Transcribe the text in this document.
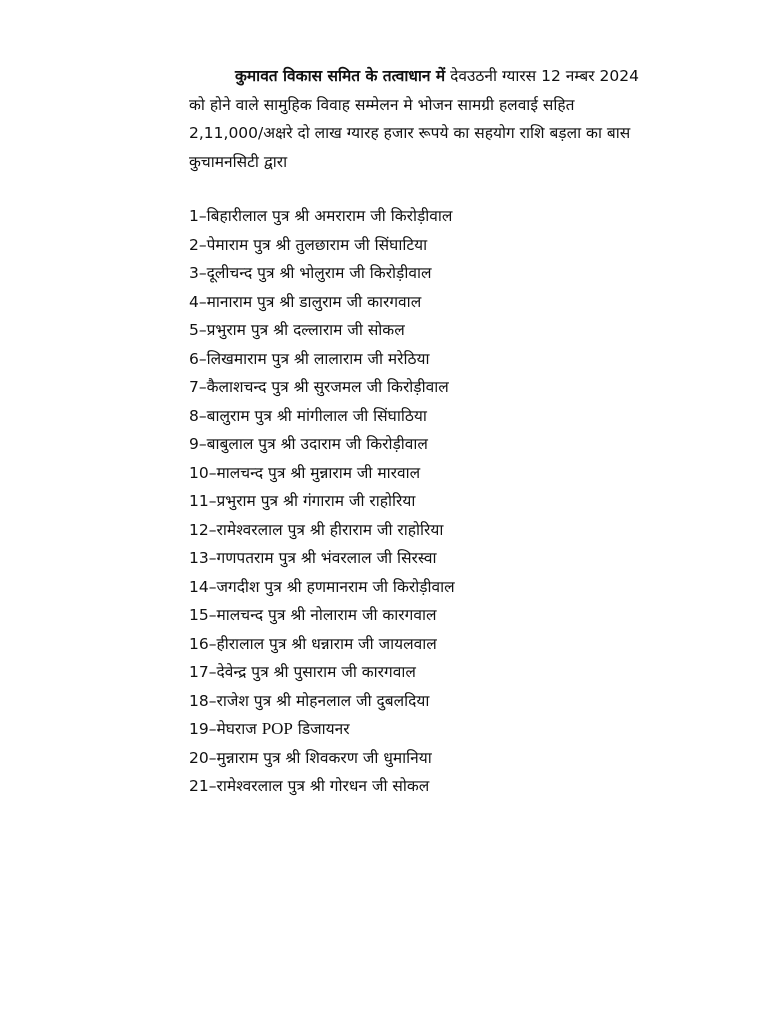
कुमावत विकास समित के तत्वाधान में देवउठनी ग्यारस 12 नम्बर 2024
को होने वाले सामुहिक विवाह सम्मेलन मे भोजन सामग्री हलवाई सहित
2,11,000/अक्षरे दो लाख ग्यारह हजार रूपये का सहयोग राशि बड़ला का बास
कुचामनसिटी द्वारा
1–बिहारीलाल पुत्र श्री अमराराम जी किरोड़ीवाल
2–पेमाराम पुत्र श्री तुलछाराम जी सिंघाटिया
3–दूलीचन्द पुत्र श्री भोलुराम जी किरोड़ीवाल
4–मानाराम पुत्र श्री डालुराम जी कारगवाल
5–प्रभुराम पुत्र श्री दल्लाराम जी सोकल
6–लिखमाराम पुत्र श्री लालाराम जी मरेठिया
7–कैलाशचन्द पुत्र श्री सुरजमल जी किरोड़ीवाल
8–बालुराम पुत्र श्री मांगीलाल जी सिंघाठिया
9–बाबुलाल पुत्र श्री उदाराम जी किरोड़ीवाल
10–मालचन्द पुत्र श्री मुन्नाराम जी मारवाल
11–प्रभुराम पुत्र श्री गंगाराम जी राहोरिया
12–रामेश्वरलाल पुत्र श्री हीराराम जी राहोरिया
13–गणपतराम पुत्र श्री भंवरलाल जी सिरस्वा
14–जगदीश पुत्र श्री हणमानराम जी किरोड़ीवाल
15–मालचन्द पुत्र श्री नोलाराम जी कारगवाल
16–हीरालाल पुत्र श्री धन्नाराम जी जायलवाल
17–देवेन्द्र पुत्र श्री पुसाराम जी कारगवाल
18–राजेश पुत्र श्री मोहनलाल जी दुबलदिया
19–मेघराज POP डिजायनर
20–मुन्नाराम पुत्र श्री शिवकरण जी धुमानिया
21–रामेश्वरलाल पुत्र श्री गोरधन जी सोकल
